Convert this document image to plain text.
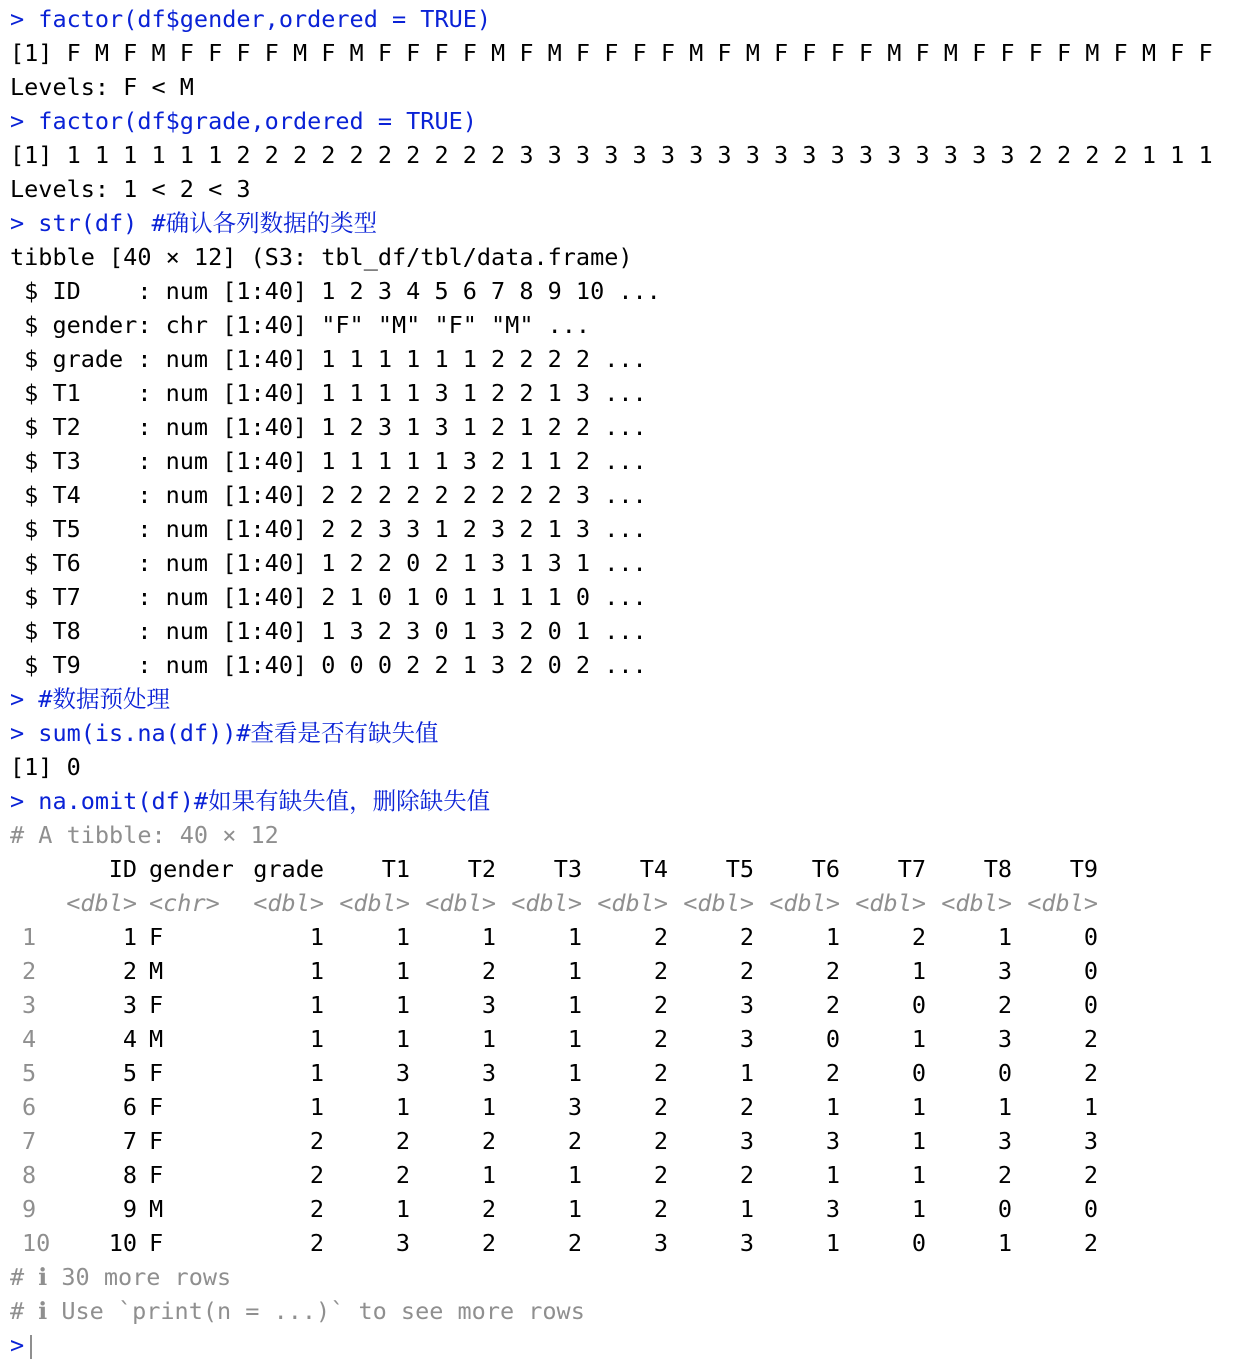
> factor(df$gender,ordered = TRUE)
[1] F M F M F F F F M F M F F F F M F M F F F F M F M F F F F M F M F F F F M F M F F
Levels: F < M
> factor(df$grade,ordered = TRUE)
[1] 1 1 1 1 1 1 2 2 2 2 2 2 2 2 2 2 3 3 3 3 3 3 3 3 3 3 3 3 3 3 3 3 3 3 2 2 2 2 1 1 1
Levels: 1 < 2 < 3
> str(df) #确认各列数据的类型
tibble [40 × 12] (S3: tbl_df/tbl/data.frame)
$ ID    : num [1:40] 1 2 3 4 5 6 7 8 9 10 ...
$ gender: chr [1:40] "F" "M" "F" "M" ...
$ grade : num [1:40] 1 1 1 1 1 1 2 2 2 2 ...
$ T1    : num [1:40] 1 1 1 1 3 1 2 2 1 3 ...
$ T2    : num [1:40] 1 2 3 1 3 1 2 1 2 2 ...
$ T3    : num [1:40] 1 1 1 1 1 3 2 1 1 2 ...
$ T4    : num [1:40] 2 2 2 2 2 2 2 2 2 3 ...
$ T5    : num [1:40] 2 2 3 3 1 2 3 2 1 3 ...
$ T6    : num [1:40] 1 2 2 0 2 1 3 1 3 1 ...
$ T7    : num [1:40] 2 1 0 1 0 1 1 1 1 0 ...
$ T8    : num [1:40] 1 3 2 3 0 1 3 2 0 1 ...
$ T9    : num [1:40] 0 0 0 2 2 1 3 2 0 2 ...
> #数据预处理
> sum(is.na(df))#查看是否有缺失值
[1] 0
> na.omit(df)#如果有缺失值，删除缺失值
# A tibble: 40 × 12
ID gender grade T1 T2 T3 T4 T5 T6 T7 T8 T9
<dbl> <chr> <dbl> <dbl> <dbl> <dbl> <dbl> <dbl> <dbl> <dbl> <dbl> <dbl>
1	1 F	1	1	1	1	2	2	1	2	1	0
2	2 M	1	1	2	1	2	2	2	1	3	0
3	3 F	1	1	3	1	2	3	2	0	2	0
4	4 M	1	1	1	1	2	3	0	1	3	2
5	5 F	1	3	3	1	2	1	2	0	0	2
6	6 F	1	1	1	3	2	2	1	1	1	1
7	7 F	2	2	2	2	2	3	3	1	3	3
8	8 F	2	2	1	1	2	2	1	1	2	2
9	9 M	2	1	2	1	2	1	3	1	0	0
10 10 F	2	3	2	2	3	3	1	0	1	2
# ℹ 30 more rows
# ℹ Use `print(n = ...)` to see more rows
>
